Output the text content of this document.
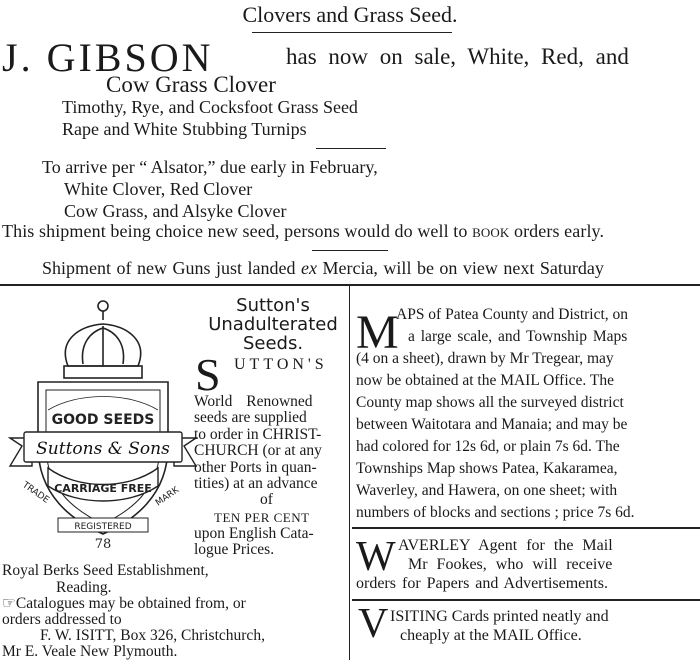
Clovers and Grass Seed.
J. GIBSON	has now on sale, White, Red, and
Cow Grass Clover
Timothy, Rye, and Cocksfoot Grass Seed
Rape and White Stubbing Turnips
To arrive per “ Alsator,” due early in February,
White Clover, Red Clover
Cow Grass, and Alsyke Clover
This shipment being choice new seed, persons would do well to book orders early.
Shipment of new Guns just landed ex Mercia, will be on view next Saturday
GOOD SEEDS
Suttons & Sons
CARRIAGE FREE
TRADE	MARK
REGISTERED
78
Sutton's
Unadulterated
Seeds.
S UTTON'S
World Renowned
seeds are supplied
to order in CHRIST-
CHURCH (or at any
other Ports in quan-
tities) at an advance
of
TEN PER CENT
upon English Cata-
logue Prices.
Royal Berks Seed Establishment,
Reading.
☞Catalogues may be obtained from, or
orders addressed to
F. W. ISITT, Box 326, Christchurch,
Mr E. Veale New Plymouth.
M
APS of Patea County and District, on
a large scale, and Township Maps
(4 on a sheet), drawn by Mr Tregear, may
now be obtained at the MAIL Office. The
County map shows all the surveyed district
between Waitotara and Manaia; and may be
had colored for 12s 6d, or plain 7s 6d. The
Townships Map shows Patea, Kakaramea,
Waverley, and Hawera, on one sheet; with
numbers of blocks and sections ; price 7s 6d.
W AVERLEY Agent for the Mail
Mr Fookes, who will receive
orders for Papers and Advertisements.
V ISITING Cards printed neatly and
cheaply at the MAIL Office.
